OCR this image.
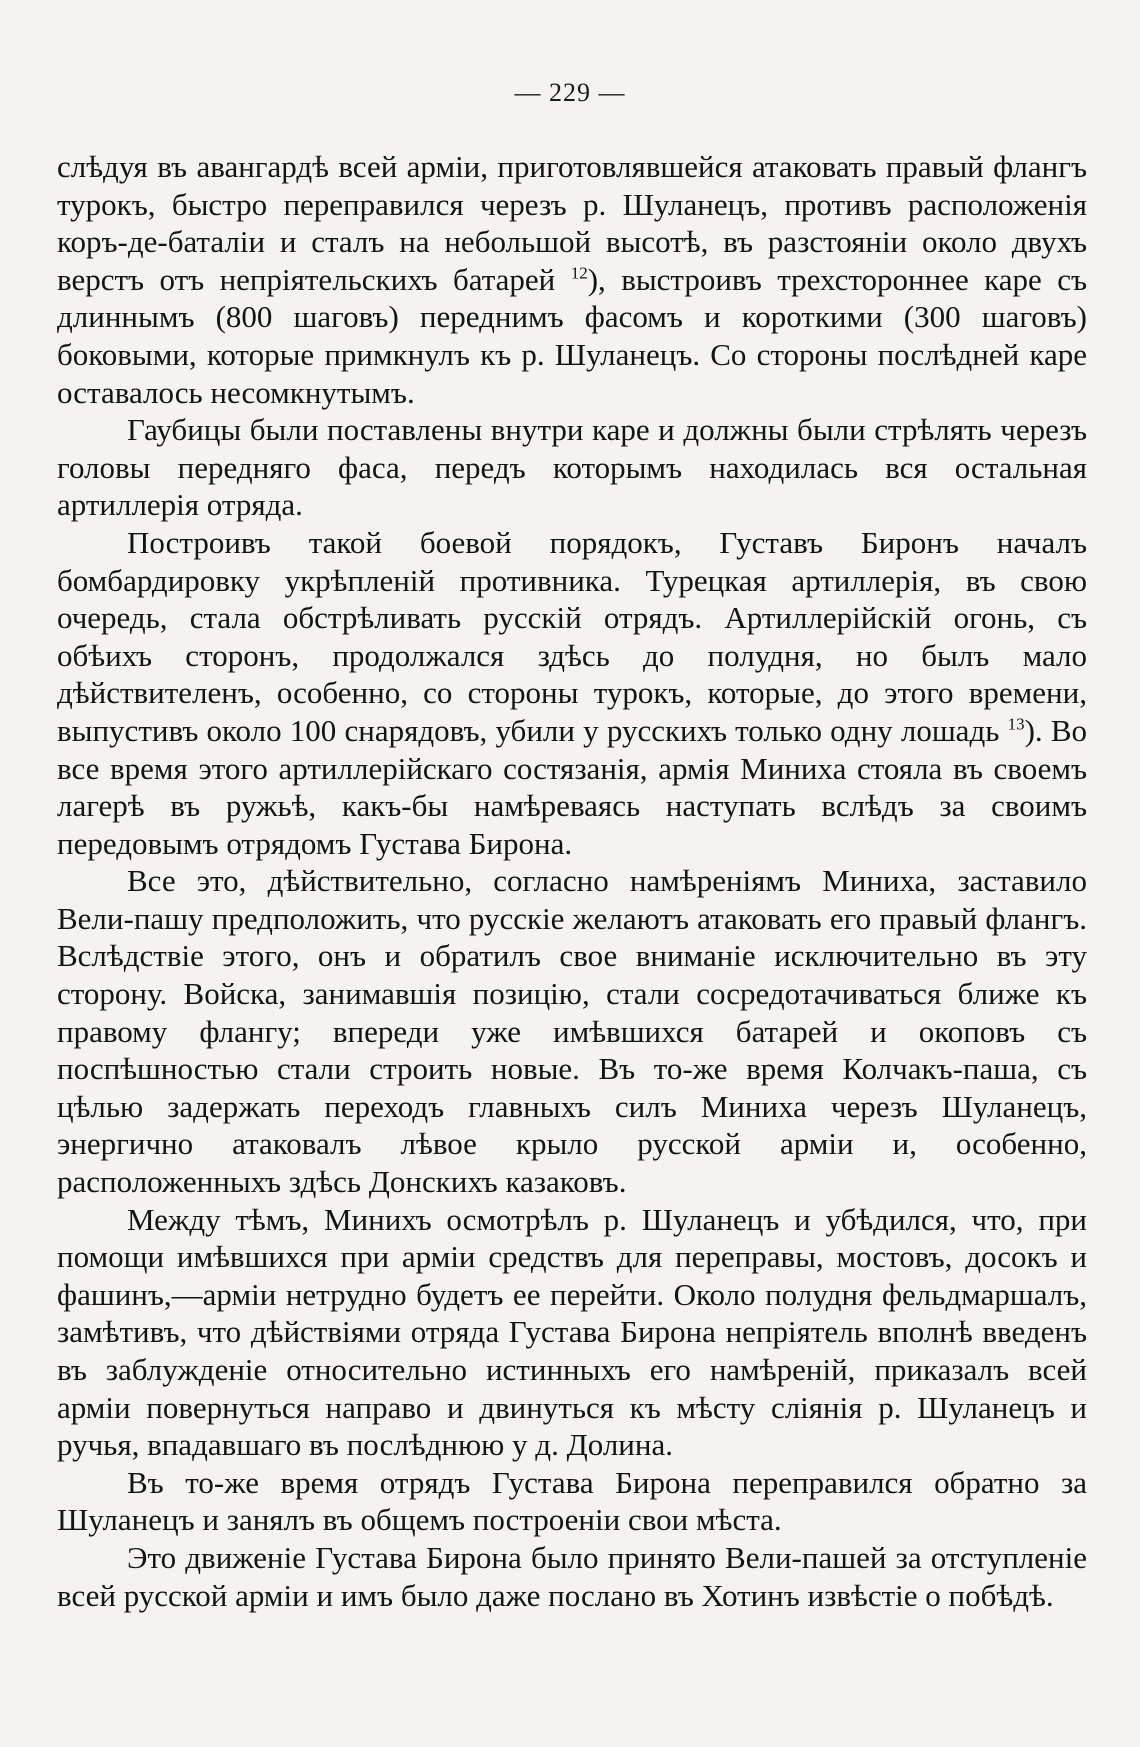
— 229 —

слѣдуя въ авангардѣ всей арміи, приготовлявшейся атаковать правый флангъ турокъ, быстро переправился черезъ р. Шуланецъ, противъ расположенія коръ-де-баталіи и сталъ на небольшой высотѣ, въ разстояніи около двухъ верстъ отъ непріятельскихъ батарей $^{12}$), выстроивъ трехстороннее каре съ длиннымъ (800 шаговъ) переднимъ фасомъ и короткими (300 шаговъ) боковыми, которые примкнулъ къ р. Шуланецъ. Со стороны послѣдней каре оставалось несомкнутымъ.

Гаубицы были поставлены внутри каре и должны были стрѣлять черезъ головы передняго фаса, передъ которымъ находилась вся остальная артиллерія отряда.

Построивъ такой боевой порядокъ, Густавъ Биронъ началъ бомбардировку укрѣпленій противника. Турецкая артиллерія, въ свою очередь, стала обстрѣливать русскій отрядъ. Артиллерійскій огонь, съ обѣихъ сторонъ, продолжался здѣсь до полудня, но былъ мало дѣйствителенъ, особенно, со стороны турокъ, которые, до этого времени, выпустивъ около 100 снарядовъ, убили у русскихъ только одну лошадь $^{13}$). Во все время этого артиллерійскаго состязанія, армія Миниха стояла въ своемъ лагерѣ въ ружьѣ, какъ-бы намѣреваясь наступать вслѣдъ за своимъ передовымъ отрядомъ Густава Бирона.

Все это, дѣйствительно, согласно намѣреніямъ Миниха, заставило Вели-пашу предположить, что русскіе желаютъ атаковать его правый флангъ. Вслѣдствіе этого, онъ и обратилъ свое вниманіе исключительно въ эту сторону. Войска, занимавшія позицію, стали сосредотачиваться ближе къ правому флангу; впереди уже имѣвшихся батарей и окоповъ съ поспѣшностью стали строить новые. Въ то-же время Колчакъ-паша, съ цѣлью задержать переходъ главныхъ силъ Миниха черезъ Шуланецъ, энергично атаковалъ лѣвое крыло русской арміи и, особенно, расположенныхъ здѣсь Донскихъ казаковъ.

Между тѣмъ, Минихъ осмотрѣлъ р. Шуланецъ и убѣдился, что, при помощи имѣвшихся при арміи средствъ для переправы, мостовъ, досокъ и фашинъ,—арміи нетрудно будетъ ее перейти. Около полудня фельдмаршалъ, замѣтивъ, что дѣйствіями отряда Густава Бирона непріятель вполнѣ введенъ въ заблужденіе относительно истинныхъ его намѣреній, приказалъ всей арміи повернуться направо и двинуться къ мѣсту сліянія р. Шуланецъ и ручья, впадавшаго въ послѣднюю у д. Долина.

Въ то-же время отрядъ Густава Бирона переправился обратно за Шуланецъ и занялъ въ общемъ построеніи свои мѣста.

Это движеніе Густава Бирона было принято Вели-пашей за отступленіе всей русской арміи и имъ было даже послано въ Хотинъ извѣстіе о побѣдѣ.
